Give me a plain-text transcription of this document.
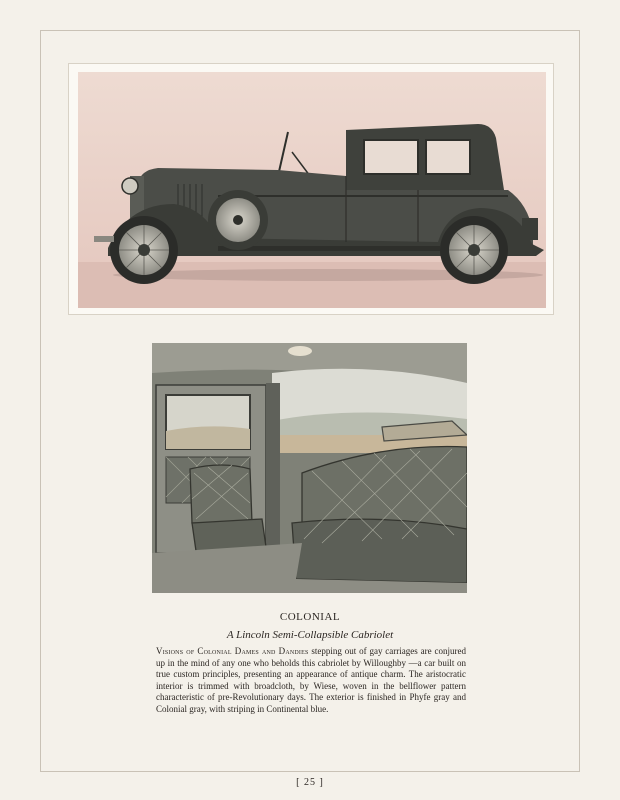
COLONIAL
A Lincoln Semi-Collapsible Cabriolet
Visions of Colonial Dames and Dandies stepping out of gay carriages are conjured up in the mind of any one who beholds this cabriolet by Willoughby —a car built on true custom principles, presenting an appearance of antique charm. The aristocratic interior is trimmed with broadcloth, by Wiese, woven in the bellflower pattern characteristic of pre-Revolutionary days. The exterior is finished in Phyfe gray and Colonial gray, with striping in Continental blue.
[ 25 ]
